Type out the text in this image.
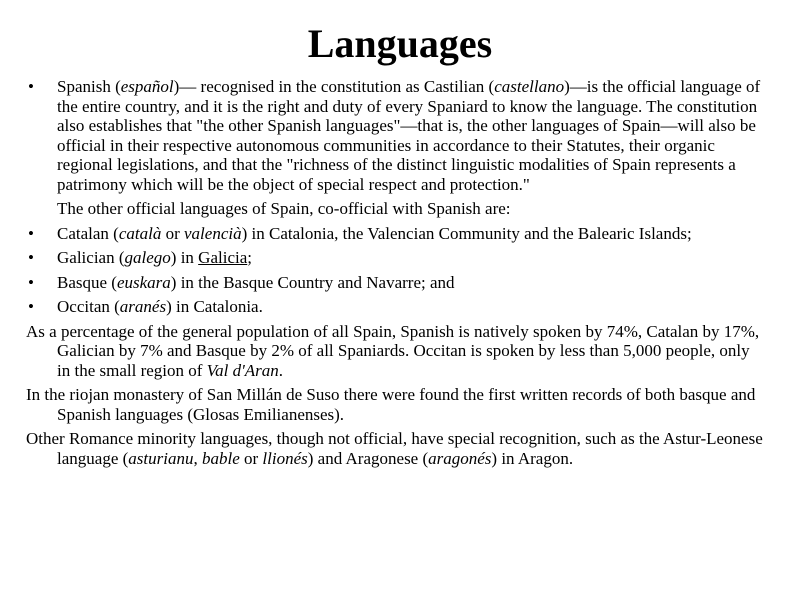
Languages
• Spanish (español)— recognised in the constitution as Castilian (castellano)—is the official language of the entire country, and it is the right and duty of every Spaniard to know the language. The constitution also establishes that "the other Spanish languages"—that is, the other languages of Spain—will also be official in their respective autonomous communities in accordance to their Statutes, their organic regional legislations, and that the "richness of the distinct linguistic modalities of Spain represents a patrimony which will be the object of special respect and protection."
The other official languages of Spain, co-official with Spanish are:
• Catalan (català or valencià) in Catalonia, the Valencian Community and the Balearic Islands;
• Galician (galego) in Galicia;
• Basque (euskara) in the Basque Country and Navarre; and
• Occitan (aranés) in Catalonia.
As a percentage of the general population of all Spain, Spanish is natively spoken by 74%, Catalan by 17%, Galician by 7% and Basque by 2% of all Spaniards. Occitan is spoken by less than 5,000 people, only in the small region of Val d'Aran.
In the riojan monastery of San Millán de Suso there were found the first written records of both basque and Spanish languages (Glosas Emilianenses).
Other Romance minority languages, though not official, have special recognition, such as the Astur-Leonese language (asturianu, bable or llionés) and Aragonese (aragonés) in Aragon.
